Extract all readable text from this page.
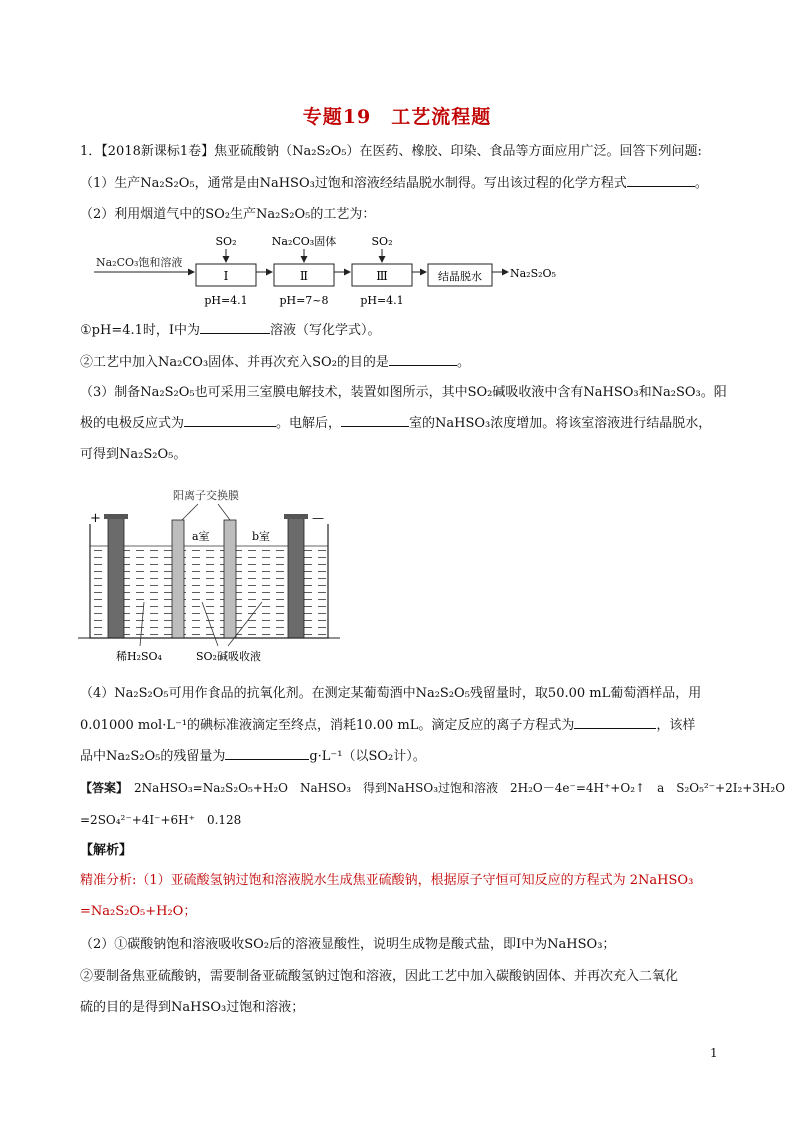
专题19　工艺流程题
1．【2018新课标1卷】焦亚硫酸钠（Na₂S₂O₅）在医药、橡胶、印染、食品等方面应用广泛。回答下列问题:
（1）生产Na₂S₂O₅，通常是由NaHSO₃过饱和溶液经结晶脱水制得。写出该过程的化学方程式	。
（2）利用烟道气中的SO₂生产Na₂S₂O₅的工艺为：
Na₂CO₃饱和溶液
Ⅰ	Ⅱ	Ⅲ	结晶脱水	Na₂S₂O₅
SO₂	Na₂CO₃固体	SO₂
pH=4.1	pH=7~8	pH=4.1
①pH=4.1时，Ⅰ中为	溶液（写化学式）。
②工艺中加入Na₂CO₃固体、并再次充入SO₂的目的是	。
（3）制备Na₂S₂O₅也可采用三室膜电解技术，装置如图所示，其中SO₂碱吸收液中含有NaHSO₃和Na₂SO₃。阳
极的电极反应式为	。电解后，	室的NaHSO₃浓度增加。将该室溶液进行结晶脱水，
可得到Na₂S₂O₅。
阳离子交换膜
+	—
a室	b室
稀H₂SO₄	SO₂碱吸收液
（4）Na₂S₂O₅可用作食品的抗氧化剂。在测定某葡萄酒中Na₂S₂O₅残留量时，取50.00 mL葡萄酒样品，用
0.01000 mol·L⁻¹的碘标准液滴定至终点，消耗10.00 mL。滴定反应的离子方程式为	，该样
品中Na₂S₂O₅的残留量为	g·L⁻¹（以SO₂计）。
【答案】　 2NaHSO₃=Na₂S₂O₅+H₂O　NaHSO₃　得到NaHSO₃过饱和溶液　2H₂O－4e⁻=4H⁺+O₂↑　a　S₂O₅²⁻+2I₂+3H₂O
=2SO₄²⁻+4I⁻+6H⁺　0.128
【解析】
精准分析:（1）亚硫酸氢钠过饱和溶液脱水生成焦亚硫酸钠，根据原子守恒可知反应的方程式为 2NaHSO₃
=Na₂S₂O₅+H₂O；
（2）①碳酸钠饱和溶液吸收SO₂后的溶液显酸性，说明生成物是酸式盐，即Ⅰ中为NaHSO₃；
②要制备焦亚硫酸钠，需要制备亚硫酸氢钠过饱和溶液，因此工艺中加入碳酸钠固体、并再次充入二氧化
硫的目的是得到NaHSO₃过饱和溶液；
1
